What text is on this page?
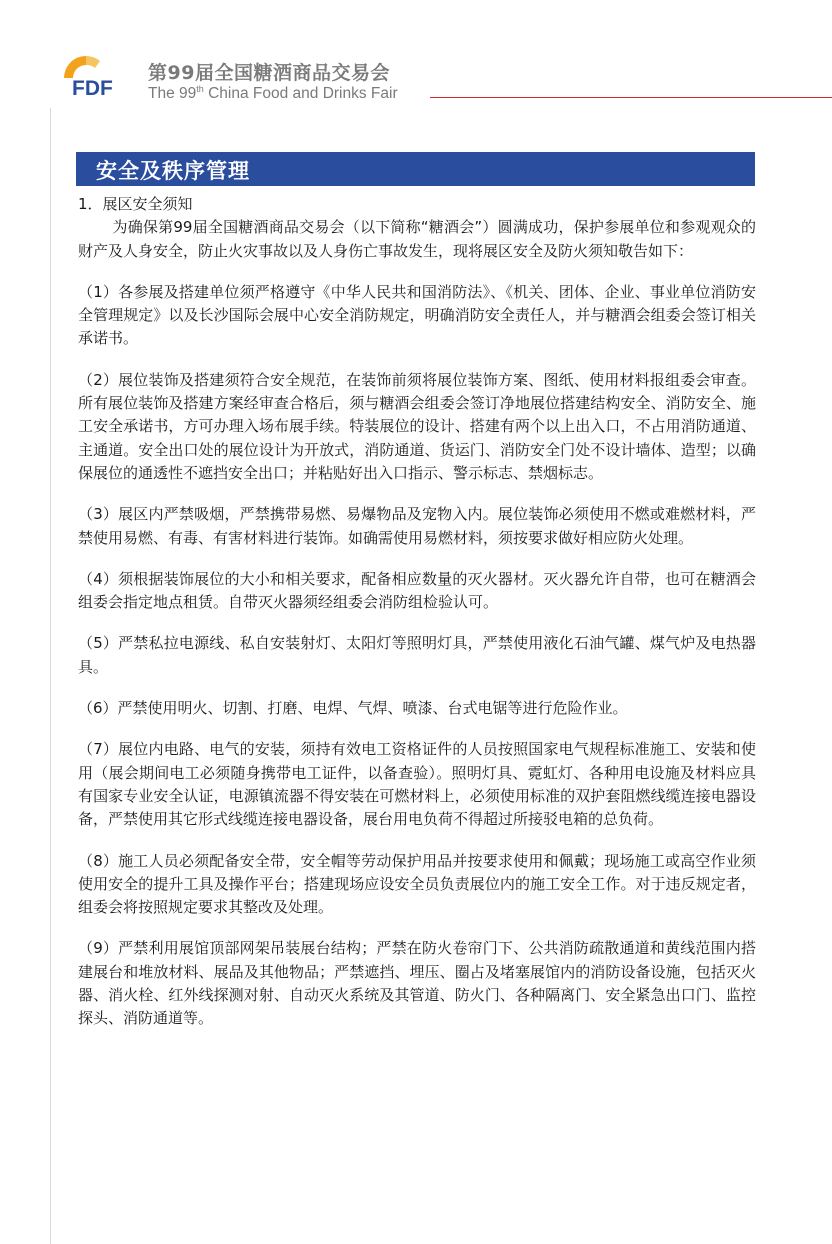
FDF
第99届全国糖酒商品交易会
The 99th China Food and Drinks Fair
安全及秩序管理

1．展区安全须知

为确保第99届全国糖酒商品交易会（以下简称“糖酒会”）圆满成功，保护参展单位和参观观众的财产及人身安全，防止火灾事故以及人身伤亡事故发生，现将展区安全及防火须知敬告如下：

（1）各参展及搭建单位须严格遵守《中华人民共和国消防法》、《机关、团体、企业、事业单位消防安全管理规定》以及长沙国际会展中心安全消防规定，明确消防安全责任人，并与糖酒会组委会签订相关承诺书。

（2）展位装饰及搭建须符合安全规范，在装饰前须将展位装饰方案、图纸、使用材料报组委会审查。所有展位装饰及搭建方案经审查合格后，须与糖酒会组委会签订净地展位搭建结构安全、消防安全、施工安全承诺书，方可办理入场布展手续。特装展位的设计、搭建有两个以上出入口，不占用消防通道、主通道。安全出口处的展位设计为开放式，消防通道、货运门、消防安全门处不设计墙体、造型；以确保展位的通透性不遮挡安全出口；并粘贴好出入口指示、警示标志、禁烟标志。

（3）展区内严禁吸烟，严禁携带易燃、易爆物品及宠物入内。展位装饰必须使用不燃或难燃材料，严禁使用易燃、有毒、有害材料进行装饰。如确需使用易燃材料，须按要求做好相应防火处理。

（4）须根据装饰展位的大小和相关要求，配备相应数量的灭火器材。灭火器允许自带，也可在糖酒会组委会指定地点租赁。自带灭火器须经组委会消防组检验认可。

（5）严禁私拉电源线、私自安装射灯、太阳灯等照明灯具，严禁使用液化石油气罐、煤气炉及电热器具。

（6）严禁使用明火、切割、打磨、电焊、气焊、喷漆、台式电锯等进行危险作业。

（7）展位内电路、电气的安装，须持有效电工资格证件的人员按照国家电气规程标准施工、安装和使用（展会期间电工必须随身携带电工证件，以备查验）。照明灯具、霓虹灯、各种用电设施及材料应具有国家专业安全认证，电源镇流器不得安装在可燃材料上，必须使用标准的双护套阻燃线缆连接电器设备，严禁使用其它形式线缆连接电器设备，展台用电负荷不得超过所接驳电箱的总负荷。

（8）施工人员必须配备安全带，安全帽等劳动保护用品并按要求使用和佩戴；现场施工或高空作业须使用安全的提升工具及操作平台；搭建现场应设安全员负责展位内的施工安全工作。对于违反规定者，组委会将按照规定要求其整改及处理。

（9）严禁利用展馆顶部网架吊装展台结构；严禁在防火卷帘门下、公共消防疏散通道和黄线范围内搭建展台和堆放材料、展品及其他物品；严禁遮挡、埋压、圈占及堵塞展馆内的消防设备设施，包括灭火器、消火栓、红外线探测对射、自动灭火系统及其管道、防火门、各种隔离门、安全紧急出口门、监控探头、消防通道等。
